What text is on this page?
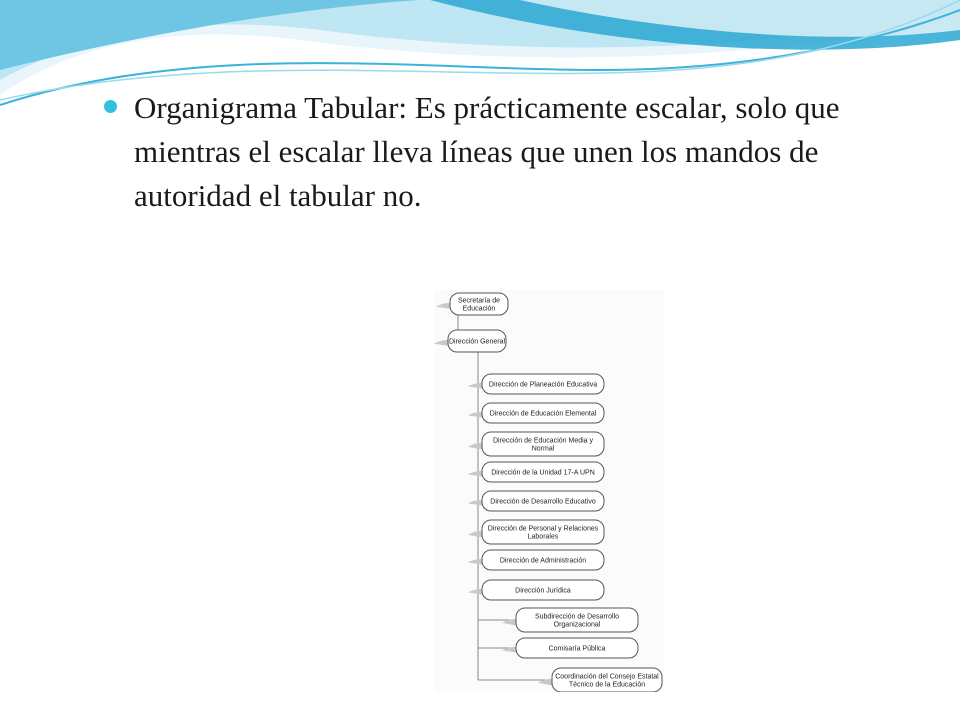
Organigrama Tabular: Es prácticamente escalar, solo que mientras el escalar lleva líneas que unen los mandos de autoridad el tabular no.
Secretaría de
Educación
Dirección General
Dirección de Planeación Educativa
Dirección de Educación Elemental
Dirección de Educación Media y
Normal
Dirección de la Unidad 17-A UPN
Dirección de Desarrollo Educativo
Dirección de Personal y Relaciones
Laborales
Dirección de Administración
Dirección Jurídica
Subdirección de Desarrollo
Organizacional
Comisaría Pública
Coordinación del Consejo Estatal
Técnico de la Educación
